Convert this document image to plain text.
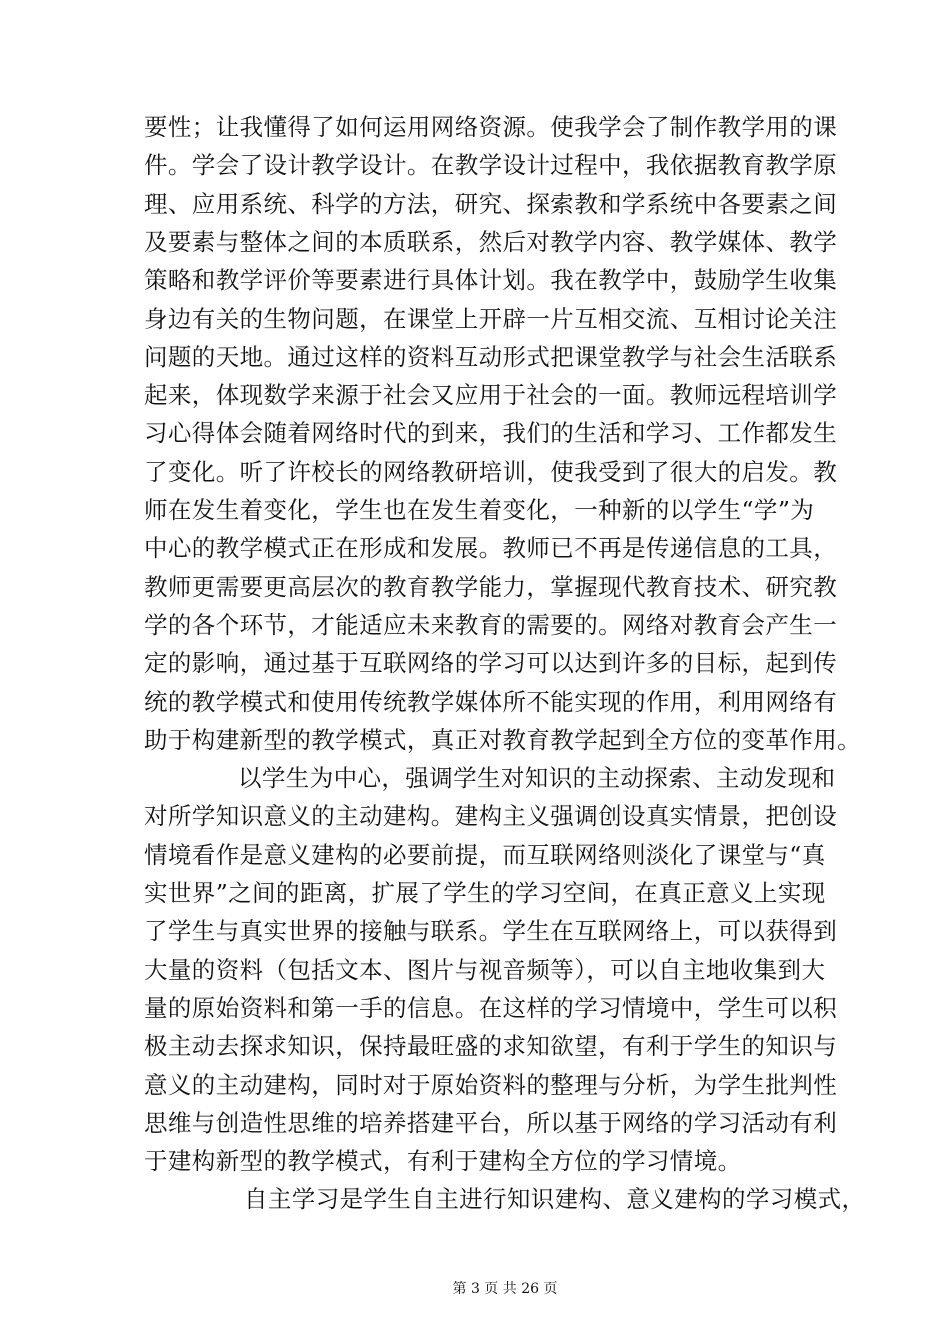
要性；让我懂得了如何运用网络资源。使我学会了制作教学用的课
件。学会了设计教学设计。在教学设计过程中，我依据教育教学原
理、应用系统、科学的方法，研究、探索教和学系统中各要素之间
及要素与整体之间的本质联系，然后对教学内容、教学媒体、教学
策略和教学评价等要素进行具体计划。我在教学中，鼓励学生收集
身边有关的生物问题，在课堂上开辟一片互相交流、互相讨论关注
问题的天地。通过这样的资料互动形式把课堂教学与社会生活联系
起来，体现数学来源于社会又应用于社会的一面。教师远程培训学
习心得体会随着网络时代的到来，我们的生活和学习、工作都发生
了变化。听了许校长的网络教研培训，使我受到了很大的启发。教
师在发生着变化，学生也在发生着变化，一种新的以学生“学”为
中心的教学模式正在形成和发展。教师已不再是传递信息的工具，
教师更需要更高层次的教育教学能力，掌握现代教育技术、研究教
学的各个环节，才能适应未来教育的需要的。网络对教育会产生一
定的影响，通过基于互联网络的学习可以达到许多的目标，起到传
统的教学模式和使用传统教学媒体所不能实现的作用，利用网络有
助于构建新型的教学模式，真正对教育教学起到全方位的变革作用。
以学生为中心，强调学生对知识的主动探索、主动发现和
对所学知识意义的主动建构。建构主义强调创设真实情景，把创设
情境看作是意义建构的必要前提，而互联网络则淡化了课堂与“真
实世界”之间的距离，扩展了学生的学习空间，在真正意义上实现
了学生与真实世界的接触与联系。学生在互联网络上，可以获得到
大量的资料（包括文本、图片与视音频等），可以自主地收集到大
量的原始资料和第一手的信息。在这样的学习情境中，学生可以积
极主动去探求知识，保持最旺盛的求知欲望，有利于学生的知识与
意义的主动建构，同时对于原始资料的整理与分析，为学生批判性
思维与创造性思维的培养搭建平台，所以基于网络的学习活动有利
于建构新型的教学模式，有利于建构全方位的学习情境。
自主学习是学生自主进行知识建构、意义建构的学习模式，
第 3 页 共 26 页
